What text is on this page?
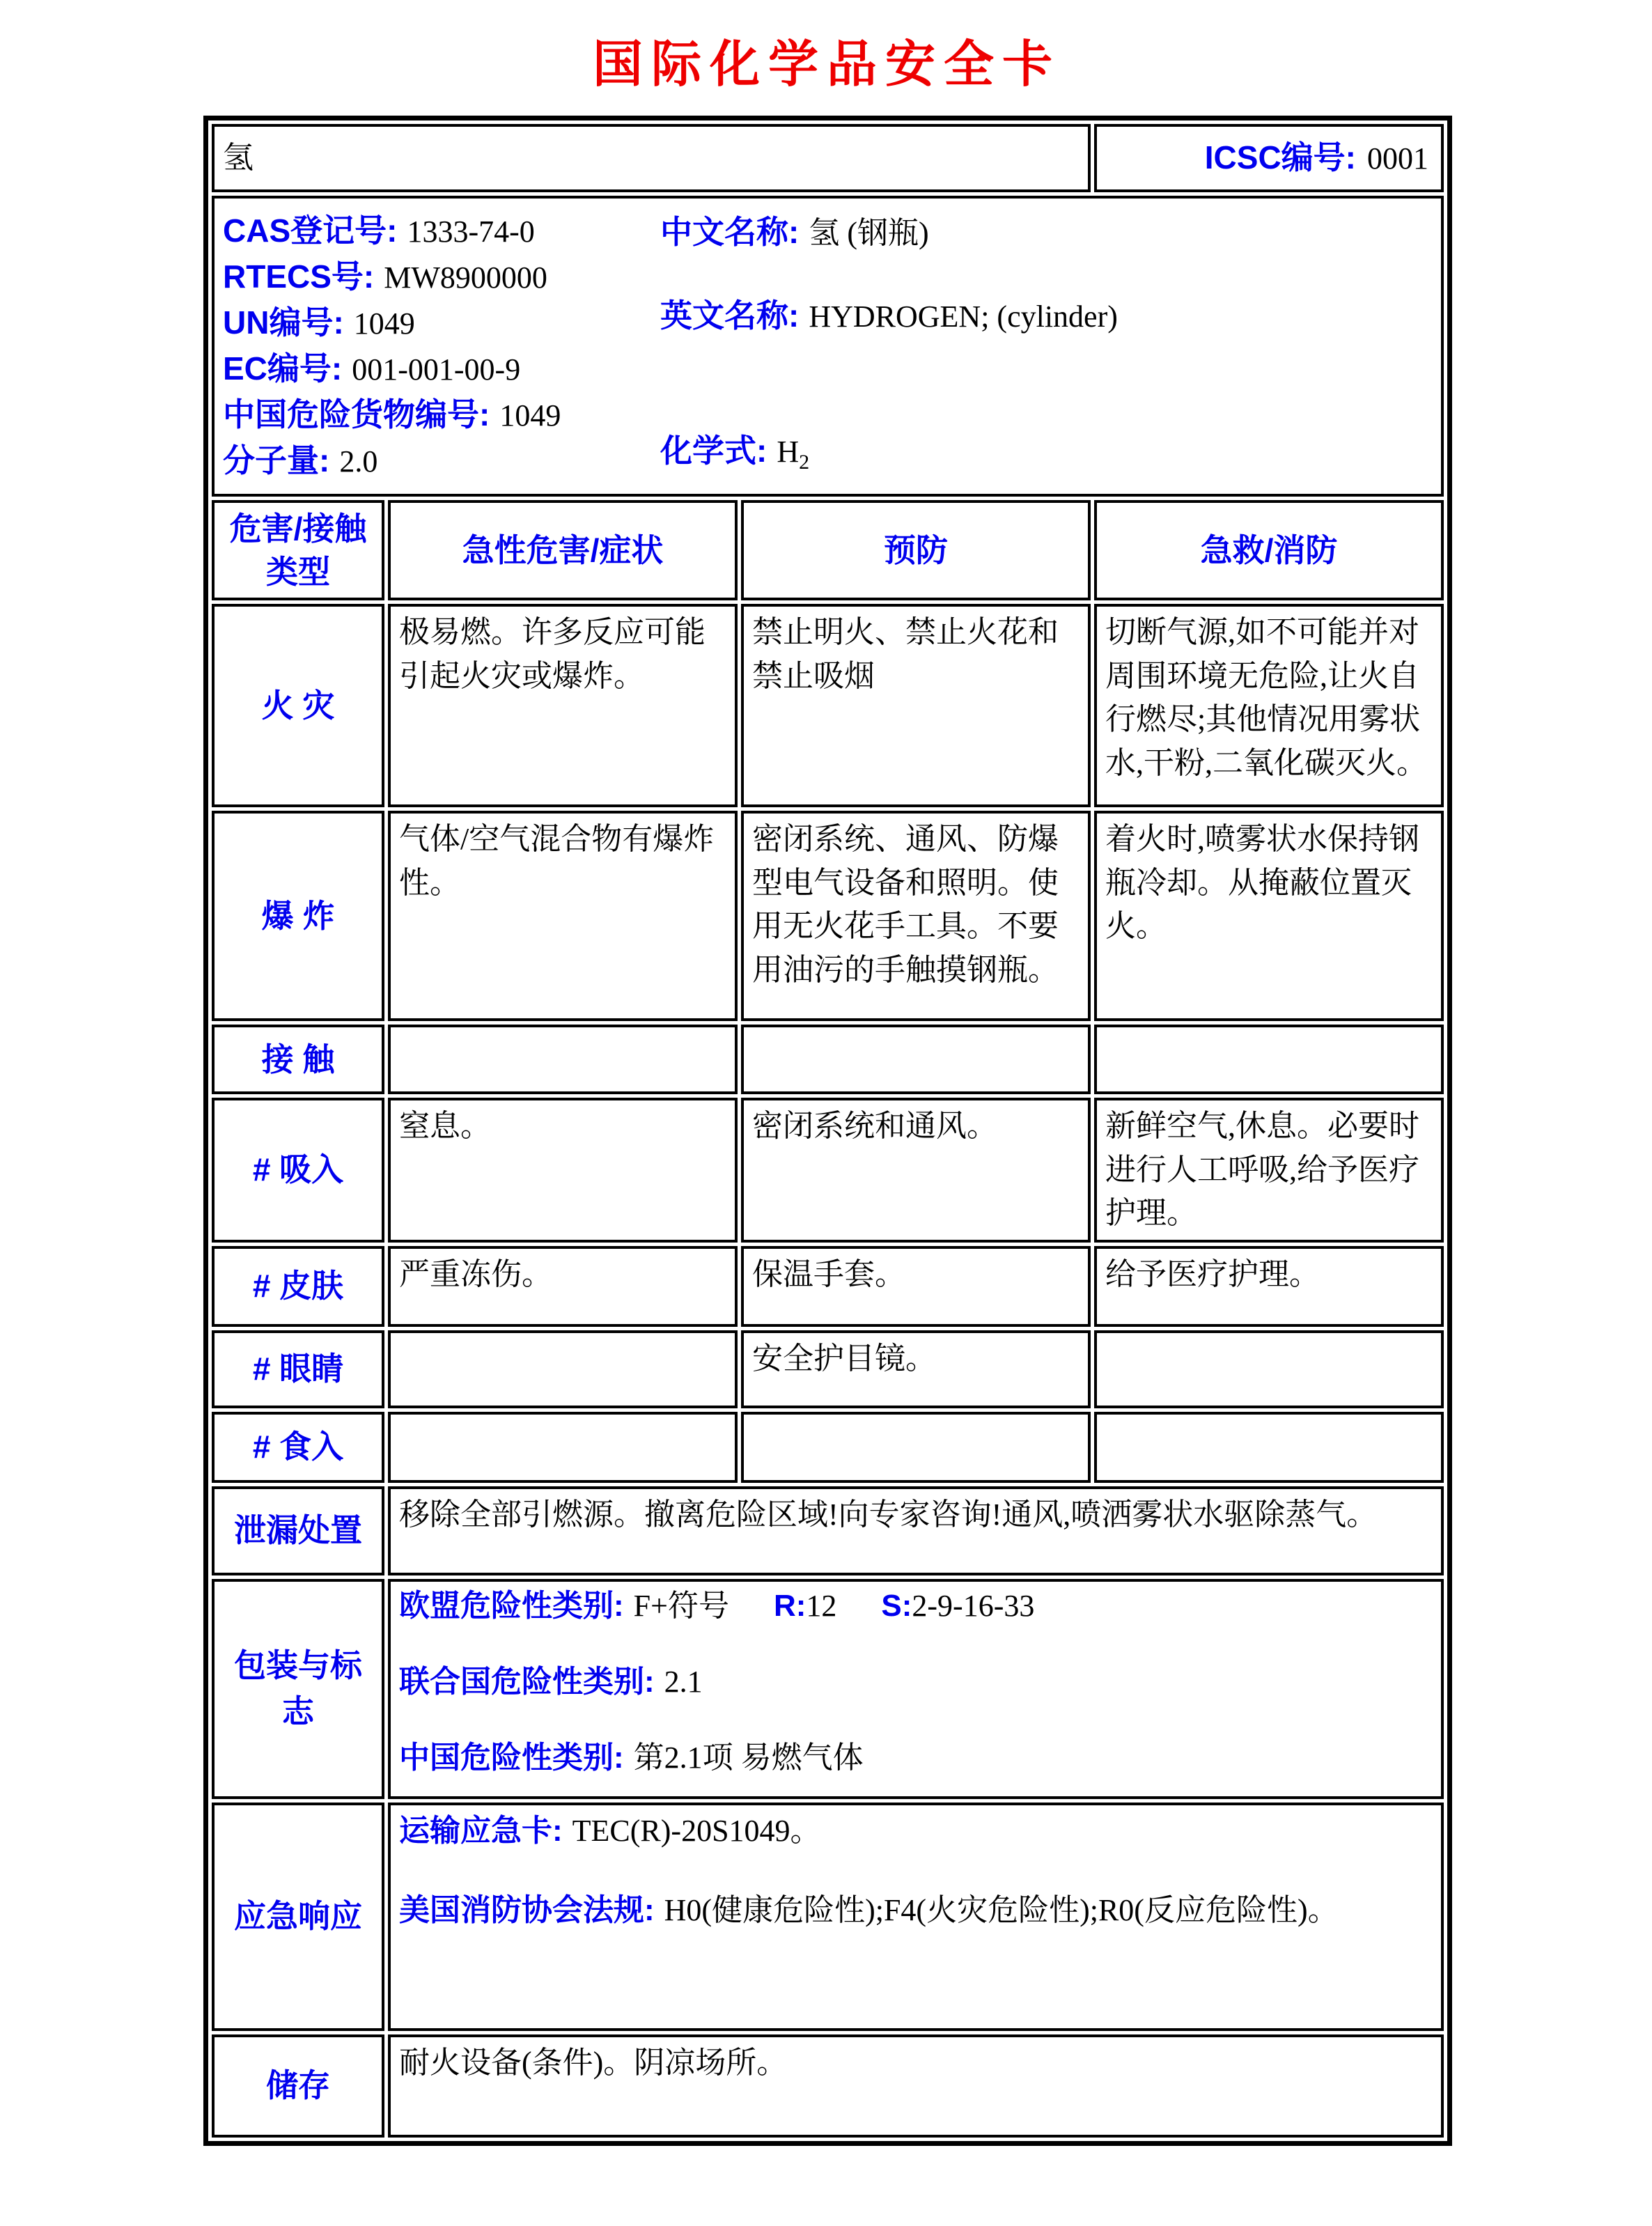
国际化学品安全卡
氢			ICSC编号: 0001

CAS登记号: 1333-74-0
RTECS号: MW8900000
UN编号: 1049
EC编号: 001-001-00-9
中国危险货物编号: 1049
分子量: 2.0
中文名称: 氢 (钢瓶)
英文名称: HYDROGEN; (cylinder)
化学式: $H_2$

危害/接触
类型	急性危害/症状	预防	急救/消防
火 灾	极易燃。许多反应可能引起火灾或爆炸。	禁止明火、禁止火花和禁止吸烟	切断气源,如不可能并对周围环境无危险,让火自行燃尽;其他情况用雾状水,干粉,二氧化碳灭火。
爆 炸	气体/空气混合物有爆炸性。	密闭系统、通风、防爆型电气设备和照明。使用无火花手工具。不要用油污的手触摸钢瓶。	着火时,喷雾状水保持钢瓶冷却。从掩蔽位置灭火。
接 触			
# 吸入	窒息。	密闭系统和通风。	新鲜空气,休息。必要时进行人工呼吸,给予医疗护理。
# 皮肤	严重冻伤。	保温手套。	给予医疗护理。
# 眼睛		安全护目镜。	
# 食入			
泄漏处置	移除全部引燃源。撤离危险区域!向专家咨询!通风,喷洒雾状水驱除蒸气。		
包装与标志	欧盟危险性类别: F+符号 R:12 S:2-9-16-33
联合国危险性类别: 2.1
中国危险性类别: 第2.1项 易燃气体		

应急响应	运输应急卡: TEC(R)-20S1049。
美国消防协会法规: H0(健康危险性);F4(火灾危险性);R0(反应危险性)。		

储存	耐火设备(条件)。阴凉场所。		
